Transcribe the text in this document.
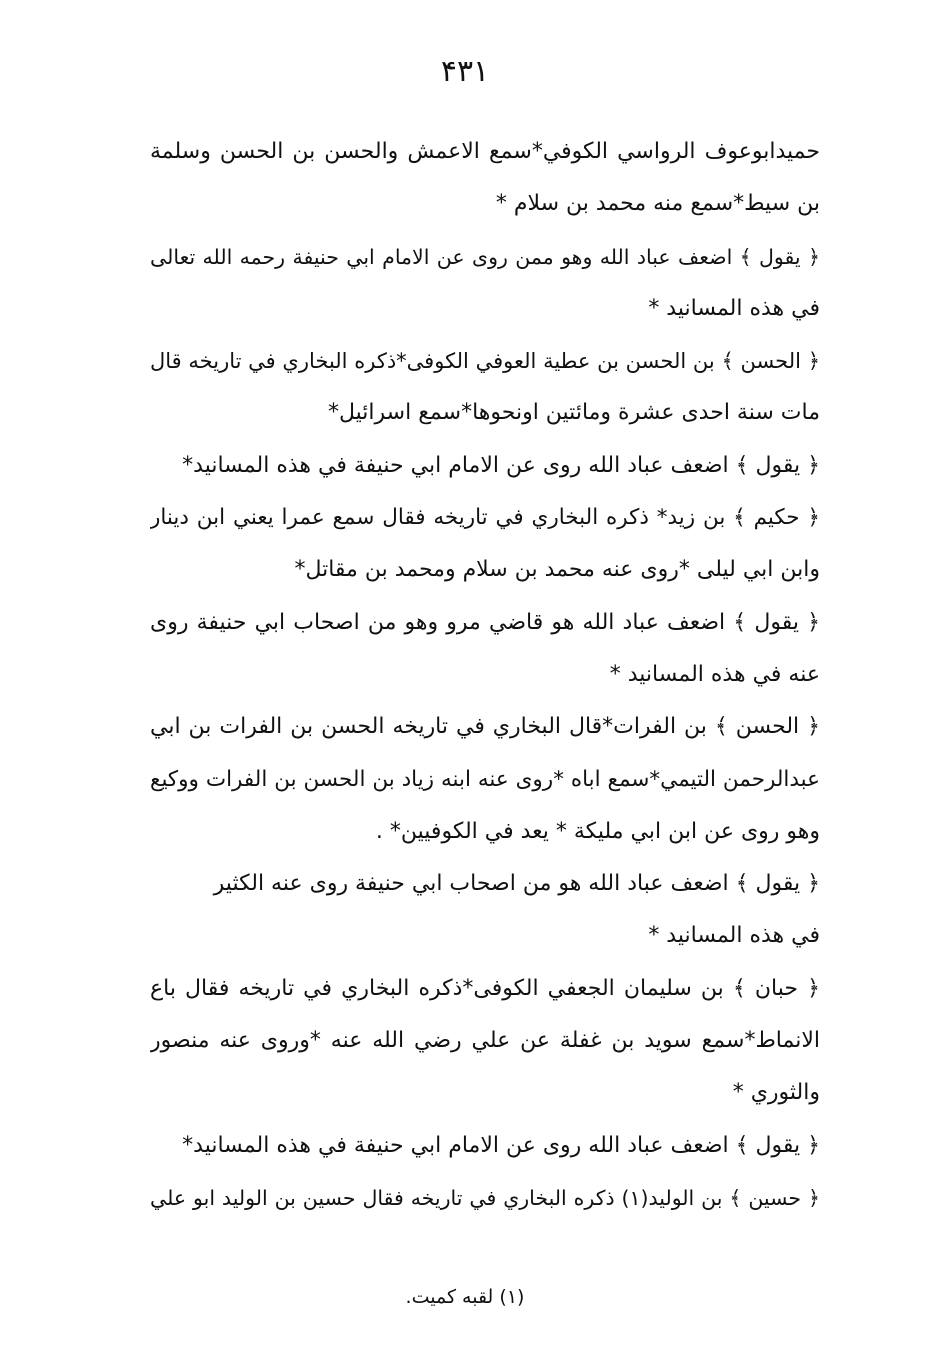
۴۳۱
حميدابوعوف الرواسي الكوفي*سمع الاعمش والحسن بن الحسن وسلمة
بن سيط*سمع منه محمد بن سلام *
﴿ يقول ﴾ اضعف عباد الله وهو ممن روى عن الامام ابي حنيفة رحمه الله تعالى
في هذه المسانيد *
﴿ الحسن ﴾ بن الحسن بن عطية العوفي الكوفى*ذكره البخاري في تاريخه قال
مات سنة احدى عشرة ومائتين اونحوها*سمع اسرائيل*
﴿ يقول ﴾ اضعف عباد الله روى عن الامام ابي حنيفة في هذه المسانيد*
﴿ حكيم ﴾ بن زيد* ذكره البخاري في تاريخه فقال سمع عمرا يعني ابن دينار
وابن ابي ليلى *روى عنه محمد بن سلام ومحمد بن مقاتل*
﴿ يقول ﴾ اضعف عباد الله هو قاضي مرو وهو من اصحاب ابي حنيفة روى
عنه في هذه المسانيد *
﴿ الحسن ﴾ بن الفرات*قال البخاري في تاريخه الحسن بن الفرات بن ابي
عبدالرحمن التيمي*سمع اباه *روى عنه ابنه زياد بن الحسن بن الفرات ووكيع
وهو روى عن ابن ابي مليكة * يعد في الكوفيين* .
﴿ يقول ﴾ اضعف عباد الله هو من اصحاب ابي حنيفة روى عنه الكثير
في هذه المسانيد *
﴿ حبان ﴾ بن سليمان الجعفي الكوفى*ذكره البخاري في تاريخه فقال باع
الانماط*سمع سويد بن غفلة عن علي رضي الله عنه *وروى عنه منصور
والثوري *
﴿ يقول ﴾ اضعف عباد الله روى عن الامام ابي حنيفة في هذه المسانيد*
﴿ حسين ﴾ بن الوليد(۱) ذكره البخاري في تاريخه فقال حسين بن الوليد ابو علي
(۱) لقبه كميت.
